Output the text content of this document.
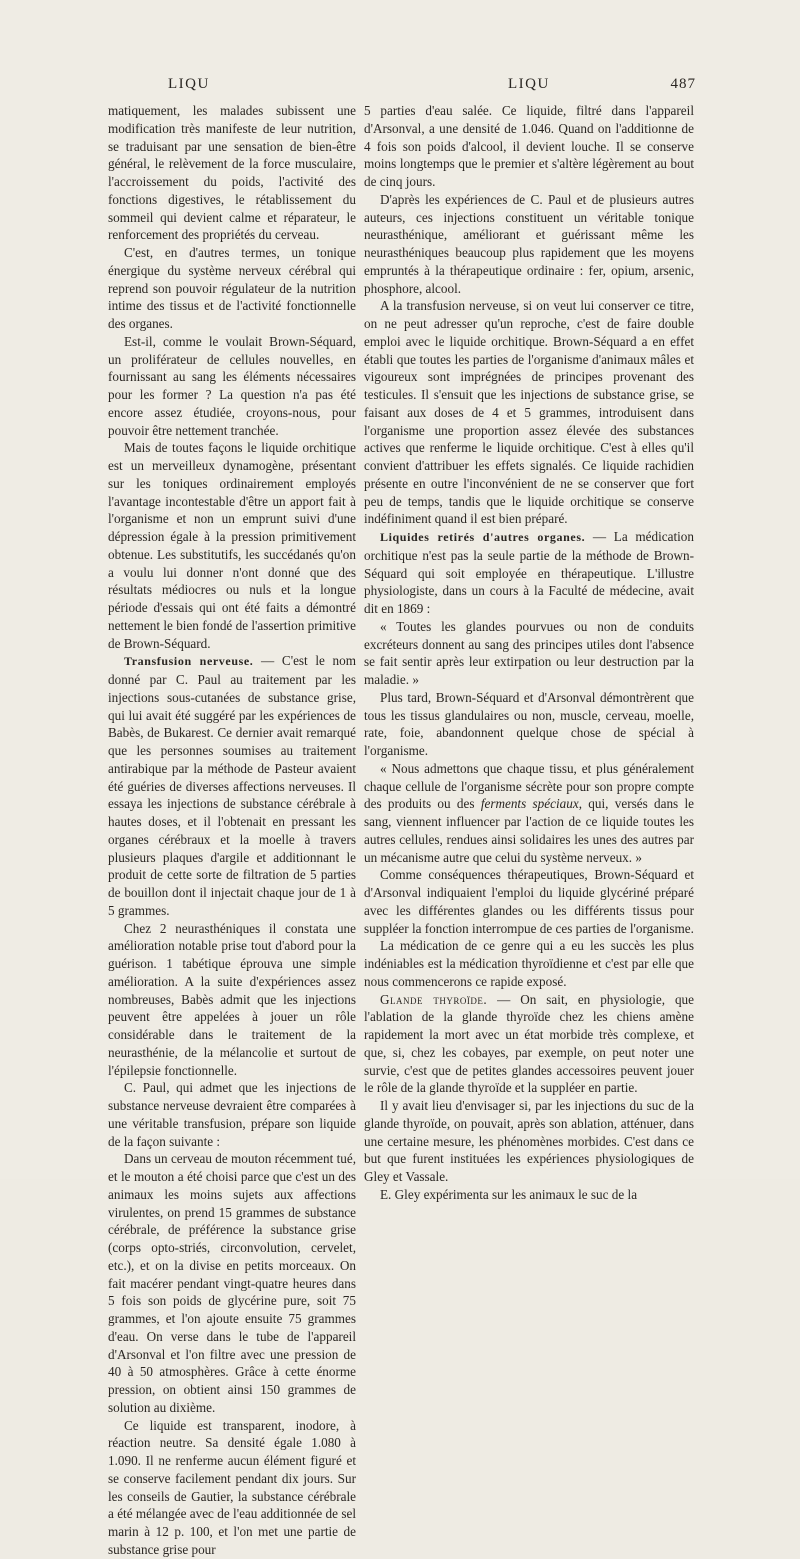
LIQU	LIQU	487

matiquement, les malades subissent une modification très manifeste de leur nutrition, se traduisant par une sensation de bien-être général, le relèvement de la force musculaire, l'accroissement du poids, l'activité des fonctions digestives, le rétablissement du sommeil qui devient calme et réparateur, le renforcement des propriétés du cerveau.

C'est, en d'autres termes, un tonique énergique du système nerveux cérébral qui reprend son pouvoir régulateur de la nutrition intime des tissus et de l'activité fonctionnelle des organes.

Est-il, comme le voulait Brown-Séquard, un proliférateur de cellules nouvelles, en fournissant au sang les éléments nécessaires pour les former ? La question n'a pas été encore assez étudiée, croyons-nous, pour pouvoir être nettement tranchée.

Mais de toutes façons le liquide orchitique est un merveilleux dynamogène, présentant sur les toniques ordinairement employés l'avantage incontestable d'être un apport fait à l'organisme et non un emprunt suivi d'une dépression égale à la pression primitivement obtenue. Les substitutifs, les succédanés qu'on a voulu lui donner n'ont donné que des résultats médiocres ou nuls et la longue période d'essais qui ont été faits a démontré nettement le bien fondé de l'assertion primitive de Brown-Séquard.

Transfusion nerveuse. — C'est le nom donné par C. Paul au traitement par les injections sous-cutanées de substance grise, qui lui avait été suggéré par les expériences de Babès, de Bukarest. Ce dernier avait remarqué que les personnes soumises au traitement antirabique par la méthode de Pasteur avaient été guéries de diverses affections nerveuses. Il essaya les injections de substance cérébrale à hautes doses, et il l'obtenait en pressant les organes cérébraux et la moelle à travers plusieurs plaques d'argile et additionnant le produit de cette sorte de filtration de 5 parties de bouillon dont il injectait chaque jour de 1 à 5 grammes.

Chez 2 neurasthéniques il constata une amélioration notable prise tout d'abord pour la guérison. 1 tabétique éprouva une simple amélioration. A la suite d'expériences assez nombreuses, Babès admit que les injections peuvent être appelées à jouer un rôle considérable dans le traitement de la neurasthénie, de la mélancolie et surtout de l'épilepsie fonctionnelle.

C. Paul, qui admet que les injections de substance nerveuse devraient être comparées à une véritable transfusion, prépare son liquide de la façon suivante :

Dans un cerveau de mouton récemment tué, et le mouton a été choisi parce que c'est un des animaux les moins sujets aux affections virulentes, on prend 15 grammes de substance cérébrale, de préférence la substance grise (corps opto-striés, circonvolution, cervelet, etc.), et on la divise en petits morceaux. On fait macérer pendant vingt-quatre heures dans 5 fois son poids de glycérine pure, soit 75 grammes, et l'on ajoute ensuite 75 grammes d'eau. On verse dans le tube de l'appareil d'Arsonval et l'on filtre avec une pression de 40 à 50 atmosphères. Grâce à cette énorme pression, on obtient ainsi 150 grammes de solution au dixième.

Ce liquide est transparent, inodore, à réaction neutre. Sa densité égale 1.080 à 1.090. Il ne renferme aucun élément figuré et se conserve facilement pendant dix jours. Sur les conseils de Gautier, la substance cérébrale a été mélangée avec de l'eau additionnée de sel marin à 12 p. 100, et l'on met une partie de substance grise pour

5 parties d'eau salée. Ce liquide, filtré dans l'appareil d'Arsonval, a une densité de 1.046. Quand on l'additionne de 4 fois son poids d'alcool, il devient louche. Il se conserve moins longtemps que le premier et s'altère légèrement au bout de cinq jours.

D'après les expériences de C. Paul et de plusieurs autres auteurs, ces injections constituent un véritable tonique neurasthénique, améliorant et guérissant même les neurasthéniques beaucoup plus rapidement que les moyens empruntés à la thérapeutique ordinaire : fer, opium, arsenic, phosphore, alcool.

A la transfusion nerveuse, si on veut lui conserver ce titre, on ne peut adresser qu'un reproche, c'est de faire double emploi avec le liquide orchitique. Brown-Séquard a en effet établi que toutes les parties de l'organisme d'animaux mâles et vigoureux sont imprégnées de principes provenant des testicules. Il s'ensuit que les injections de substance grise, se faisant aux doses de 4 et 5 grammes, introduisent dans l'organisme une proportion assez élevée des substances actives que renferme le liquide orchitique. C'est à elles qu'il convient d'attribuer les effets signalés. Ce liquide rachidien présente en outre l'inconvénient de ne se conserver que fort peu de temps, tandis que le liquide orchitique se conserve indéfiniment quand il est bien préparé.

Liquides retirés d'autres organes. — La médication orchitique n'est pas la seule partie de la méthode de Brown-Séquard qui soit employée en thérapeutique. L'illustre physiologiste, dans un cours à la Faculté de médecine, avait dit en 1869 :

« Toutes les glandes pourvues ou non de conduits excréteurs donnent au sang des principes utiles dont l'absence se fait sentir après leur extirpation ou leur destruction par la maladie. »

Plus tard, Brown-Séquard et d'Arsonval démontrèrent que tous les tissus glandulaires ou non, muscle, cerveau, moelle, rate, foie, abandonnent quelque chose de spécial à l'organisme.

« Nous admettons que chaque tissu, et plus généralement chaque cellule de l'organisme sécrète pour son propre compte des produits ou des ferments spéciaux, qui, versés dans le sang, viennent influencer par l'action de ce liquide toutes les autres cellules, rendues ainsi solidaires les unes des autres par un mécanisme autre que celui du système nerveux. »

Comme conséquences thérapeutiques, Brown-Séquard et d'Arsonval indiquaient l'emploi du liquide glycériné préparé avec les différentes glandes ou les différents tissus pour suppléer la fonction interrompue de ces parties de l'organisme.

La médication de ce genre qui a eu les succès les plus indéniables est la médication thyroïdienne et c'est par elle que nous commencerons ce rapide exposé.

Glande thyroïde. — On sait, en physiologie, que l'ablation de la glande thyroïde chez les chiens amène rapidement la mort avec un état morbide très complexe, et que, si, chez les cobayes, par exemple, on peut noter une survie, c'est que de petites glandes accessoires peuvent jouer le rôle de la glande thyroïde et la suppléer en partie.

Il y avait lieu d'envisager si, par les injections du suc de la glande thyroïde, on pouvait, après son ablation, atténuer, dans une certaine mesure, les phénomènes morbides. C'est dans ce but que furent instituées les expériences physiologiques de Gley et Vassale.

E. Gley expérimenta sur les animaux le suc de la
